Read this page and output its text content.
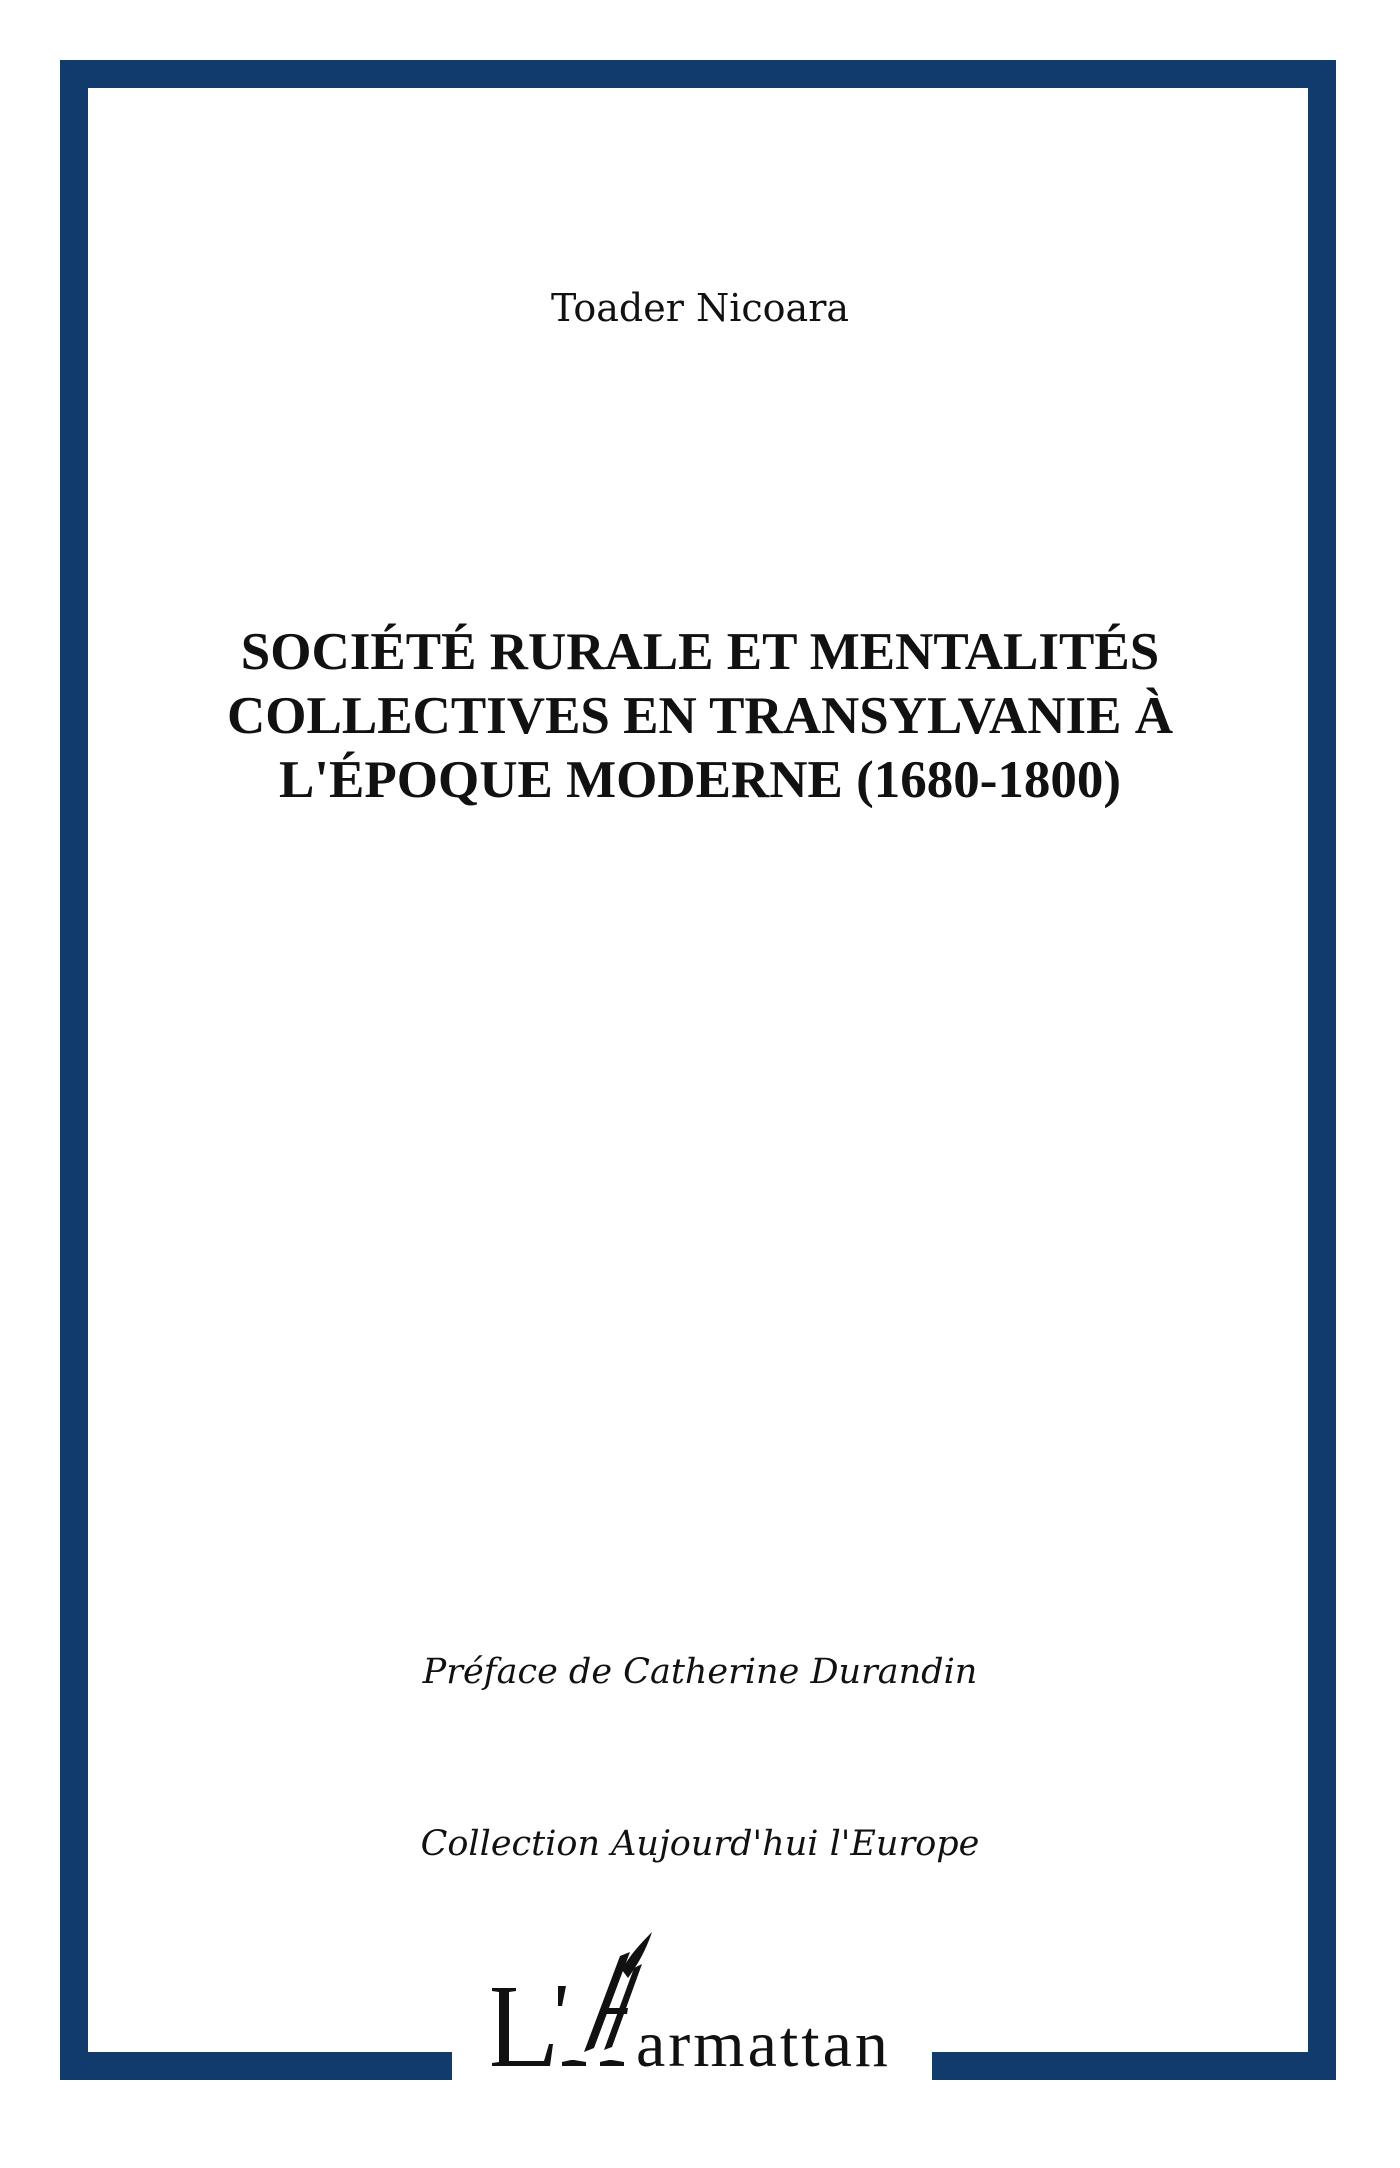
Toader Nicoara
SOCIÉTÉ RURALE ET MENTALITÉS COLLECTIVES EN TRANSYLVANIE À L'ÉPOQUE MODERNE (1680-1800)
Préface de Catherine Durandin
Collection Aujourd'hui l'Europe
armattan
